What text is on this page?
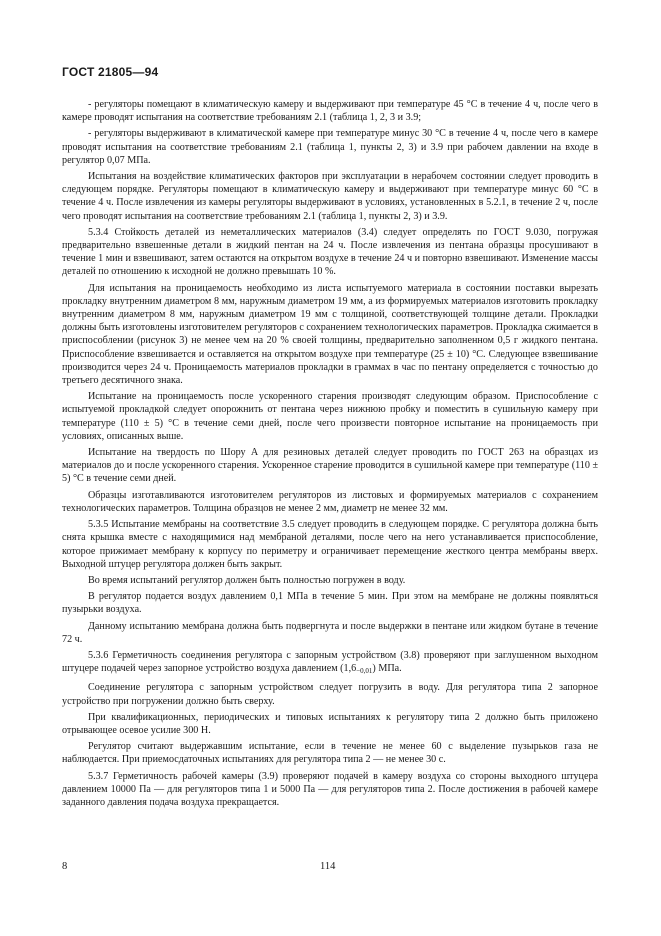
ГОСТ 21805—94

- регуляторы помещают в климатическую камеру и выдерживают при температуре 45 °C в течение 4 ч, после чего в камере проводят испытания на соответствие требованиям 2.1 (таблица 1, 2, 3 и 3.9;

- регуляторы выдерживают в климатической камере при температуре минус 30 °C в течение 4 ч, после чего в камере проводят испытания на соответствие требованиям 2.1 (таблица 1, пункты 2, 3) и 3.9 при рабочем давлении на входе в регулятор 0,07 МПа.

Испытания на воздействие климатических факторов при эксплуатации в нерабочем состоянии следует проводить в следующем порядке. Регуляторы помещают в климатическую камеру и выдерживают при температуре минус 60 °C в течение 4 ч. После извлечения из камеры регуляторы выдерживают в условиях, установленных в 5.2.1, в течение 2 ч, после чего проводят испытания на соответствие требованиям 2.1 (таблица 1, пункты 2, 3) и 3.9.

5.3.4 Стойкость деталей из неметаллических материалов (3.4) следует определять по ГОСТ 9.030, погружая предварительно взвешенные детали в жидкий пентан на 24 ч. После извлечения из пентана образцы просушивают в течение 1 мин и взвешивают, затем остаются на открытом воздухе в течение 24 ч и повторно взвешивают. Изменение массы деталей по отношению к исходной не должно превышать 10 %.

Для испытания на проницаемость необходимо из листа испытуемого материала в состоянии поставки вырезать прокладку внутренним диаметром 8 мм, наружным диаметром 19 мм, а из формируемых материалов изготовить прокладку внутренним диаметром 8 мм, наружным диаметром 19 мм с толщиной, соответствующей толщине детали. Прокладки должны быть изготовлены изготовителем регуляторов с сохранением технологических параметров. Прокладка сжимается в приспособлении (рисунок 3) не менее чем на 20 % своей толщины, предварительно заполненном 0,5 г жидкого пентана. Приспособление взвешивается и оставляется на открытом воздухе при температуре (25 ± 10) °C. Следующее взвешивание производится через 24 ч. Проницаемость материалов прокладки в граммах в час по пентану определяется с точностью до третьего десятичного знака.

Испытание на проницаемость после ускоренного старения производят следующим образом. Приспособление с испытуемой прокладкой следует опорожнить от пентана через нижнюю пробку и поместить в сушильную камеру при температуре (110 ± 5) °C в течение семи дней, после чего произвести повторное испытание на проницаемость при условиях, описанных выше.

Испытание на твердость по Шору А для резиновых деталей следует проводить по ГОСТ 263 на образцах из материалов до и после ускоренного старения. Ускоренное старение проводится в сушильной камере при температуре (110 ± 5) °C в течение семи дней.

Образцы изготавливаются изготовителем регуляторов из листовых и формируемых материалов с сохранением технологических параметров. Толщина образцов не менее 2 мм, диаметр не менее 32 мм.

5.3.5 Испытание мембраны на соответствие 3.5 следует проводить в следующем порядке. С регулятора должна быть снята крышка вместе с находящимися над мембраной деталями, после чего на него устанавливается приспособление, которое прижимает мембрану к корпусу по периметру и ограничивает перемещение жесткого центра мембраны вверх. Выходной штуцер регулятора должен быть закрыт.

Во время испытаний регулятор должен быть полностью погружен в воду.

В регулятор подается воздух давлением 0,1 МПа в течение 5 мин. При этом на мембране не должны появляться пузырьки воздуха.

Данному испытанию мембрана должна быть подвергнута и после выдержки в пентане или жидком бутане в течение 72 ч.

5.3.6 Герметичность соединения регулятора с запорным устройством (3.8) проверяют при заглушенном выходном штуцере подачей через запорное устройство воздуха давлением $(1,6_{-0,01})$ МПа.

Соединение регулятора с запорным устройством следует погрузить в воду. Для регулятора типа 2 запорное устройство при погружении должно быть сверху.

При квалификационных, периодических и типовых испытаниях к регулятору типа 2 должно быть приложено отрывающее осевое усилие 300 Н.

Регулятор считают выдержавшим испытание, если в течение не менее 60 с выделение пузырьков газа не наблюдается. При приемосдаточных испытаниях для регулятора типа 2 — не менее 30 с.

5.3.7 Герметичность рабочей камеры (3.9) проверяют подачей в камеру воздуха со стороны выходного штуцера давлением 10000 Па — для регуляторов типа 1 и 5000 Па — для регуляторов типа 2. После достижения в рабочей камере заданного давления подача воздуха прекращается.

8	114
